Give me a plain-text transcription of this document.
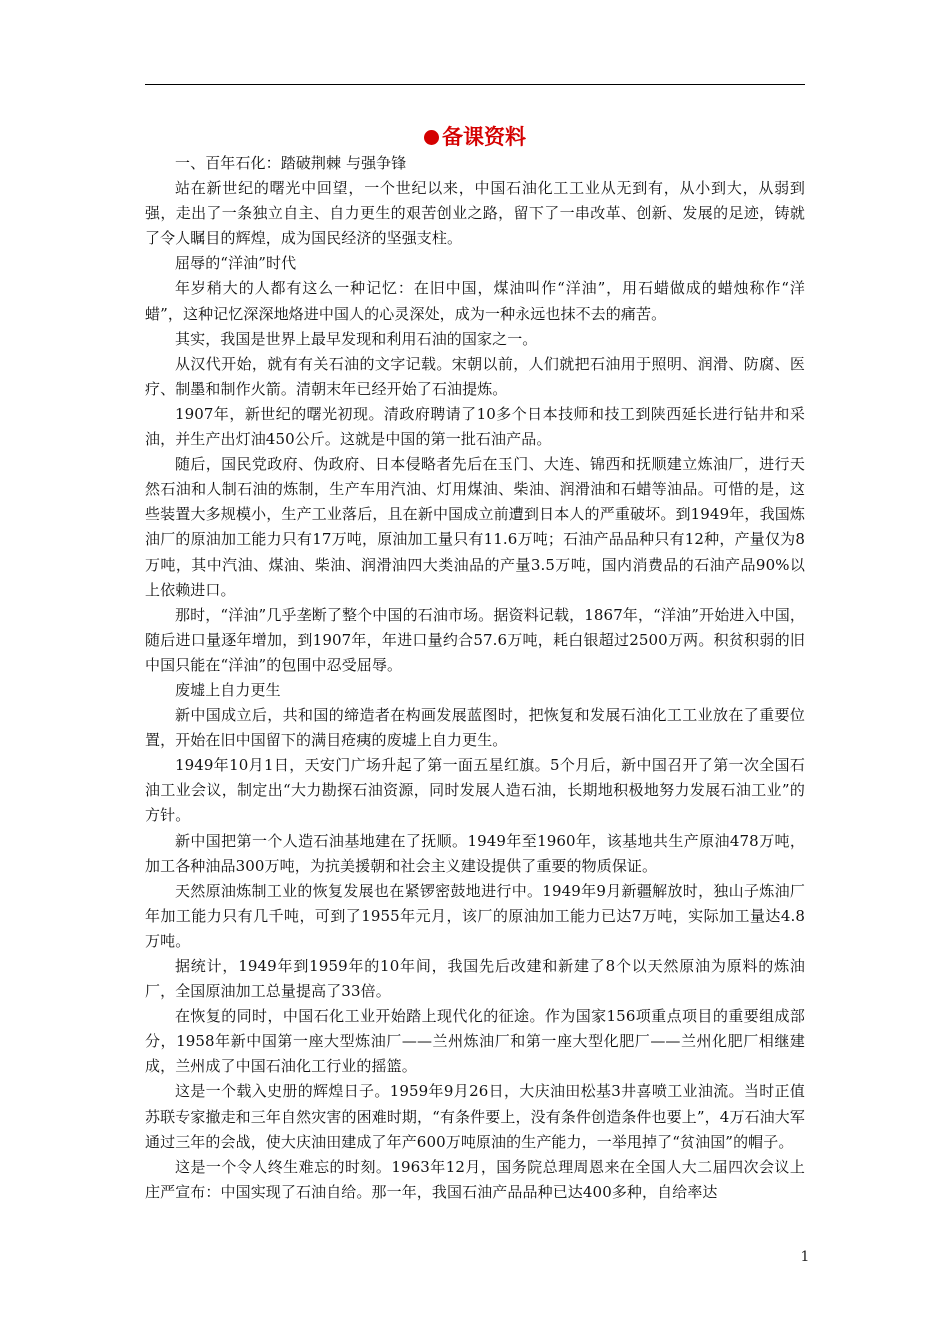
备课资料

一、百年石化：踏破荆棘 与强争锋

站在新世纪的曙光中回望，一个世纪以来，中国石油化工工业从无到有，从小到大，从弱到强，走出了一条独立自主、自力更生的艰苦创业之路，留下了一串改革、创新、发展的足迹，铸就了令人瞩目的辉煌，成为国民经济的坚强支柱。

屈辱的“洋油”时代

年岁稍大的人都有这么一种记忆：在旧中国，煤油叫作“洋油”，用石蜡做成的蜡烛称作“洋蜡”，这种记忆深深地烙进中国人的心灵深处，成为一种永远也抹不去的痛苦。

其实，我国是世界上最早发现和利用石油的国家之一。

从汉代开始，就有有关石油的文字记载。宋朝以前，人们就把石油用于照明、润滑、防腐、医疗、制墨和制作火箭。清朝末年已经开始了石油提炼。

1907年，新世纪的曙光初现。清政府聘请了10多个日本技师和技工到陕西延长进行钻井和采油，并生产出灯油450公斤。这就是中国的第一批石油产品。

随后，国民党政府、伪政府、日本侵略者先后在玉门、大连、锦西和抚顺建立炼油厂，进行天然石油和人制石油的炼制，生产车用汽油、灯用煤油、柴油、润滑油和石蜡等油品。可惜的是，这些装置大多规模小，生产工业落后，且在新中国成立前遭到日本人的严重破坏。到1949年，我国炼油厂的原油加工能力只有17万吨，原油加工量只有11.6万吨；石油产品品种只有12种，产量仅为8万吨，其中汽油、煤油、柴油、润滑油四大类油品的产量3.5万吨，国内消费品的石油产品90%以上依赖进口。

那时，“洋油”几乎垄断了整个中国的石油市场。据资料记载，1867年，“洋油”开始进入中国，随后进口量逐年增加，到1907年，年进口量约合57.6万吨，耗白银超过2500万两。积贫积弱的旧中国只能在“洋油”的包围中忍受屈辱。

废墟上自力更生

新中国成立后，共和国的缔造者在构画发展蓝图时，把恢复和发展石油化工工业放在了重要位置，开始在旧中国留下的满目疮痍的废墟上自力更生。

1949年10月1日，天安门广场升起了第一面五星红旗。5个月后，新中国召开了第一次全国石油工业会议，制定出“大力勘探石油资源，同时发展人造石油，长期地积极地努力发展石油工业”的方针。

新中国把第一个人造石油基地建在了抚顺。1949年至1960年，该基地共生产原油478万吨，加工各种油品300万吨，为抗美援朝和社会主义建设提供了重要的物质保证。

天然原油炼制工业的恢复发展也在紧锣密鼓地进行中。1949年9月新疆解放时，独山子炼油厂年加工能力只有几千吨，可到了1955年元月，该厂的原油加工能力已达7万吨，实际加工量达4.8万吨。

据统计，1949年到1959年的10年间，我国先后改建和新建了8个以天然原油为原料的炼油厂，全国原油加工总量提高了33倍。

在恢复的同时，中国石化工业开始踏上现代化的征途。作为国家156项重点项目的重要组成部分，1958年新中国第一座大型炼油厂——兰州炼油厂和第一座大型化肥厂——兰州化肥厂相继建成，兰州成了中国石油化工行业的摇篮。

这是一个载入史册的辉煌日子。1959年9月26日，大庆油田松基3井喜喷工业油流。当时正值苏联专家撤走和三年自然灾害的困难时期，“有条件要上，没有条件创造条件也要上”，4万石油大军通过三年的会战，使大庆油田建成了年产600万吨原油的生产能力，一举甩掉了“贫油国”的帽子。

这是一个令人终生难忘的时刻。1963年12月，国务院总理周恩来在全国人大二届四次会议上庄严宣布：中国实现了石油自给。那一年，我国石油产品品种已达400多种，自给率达

1
